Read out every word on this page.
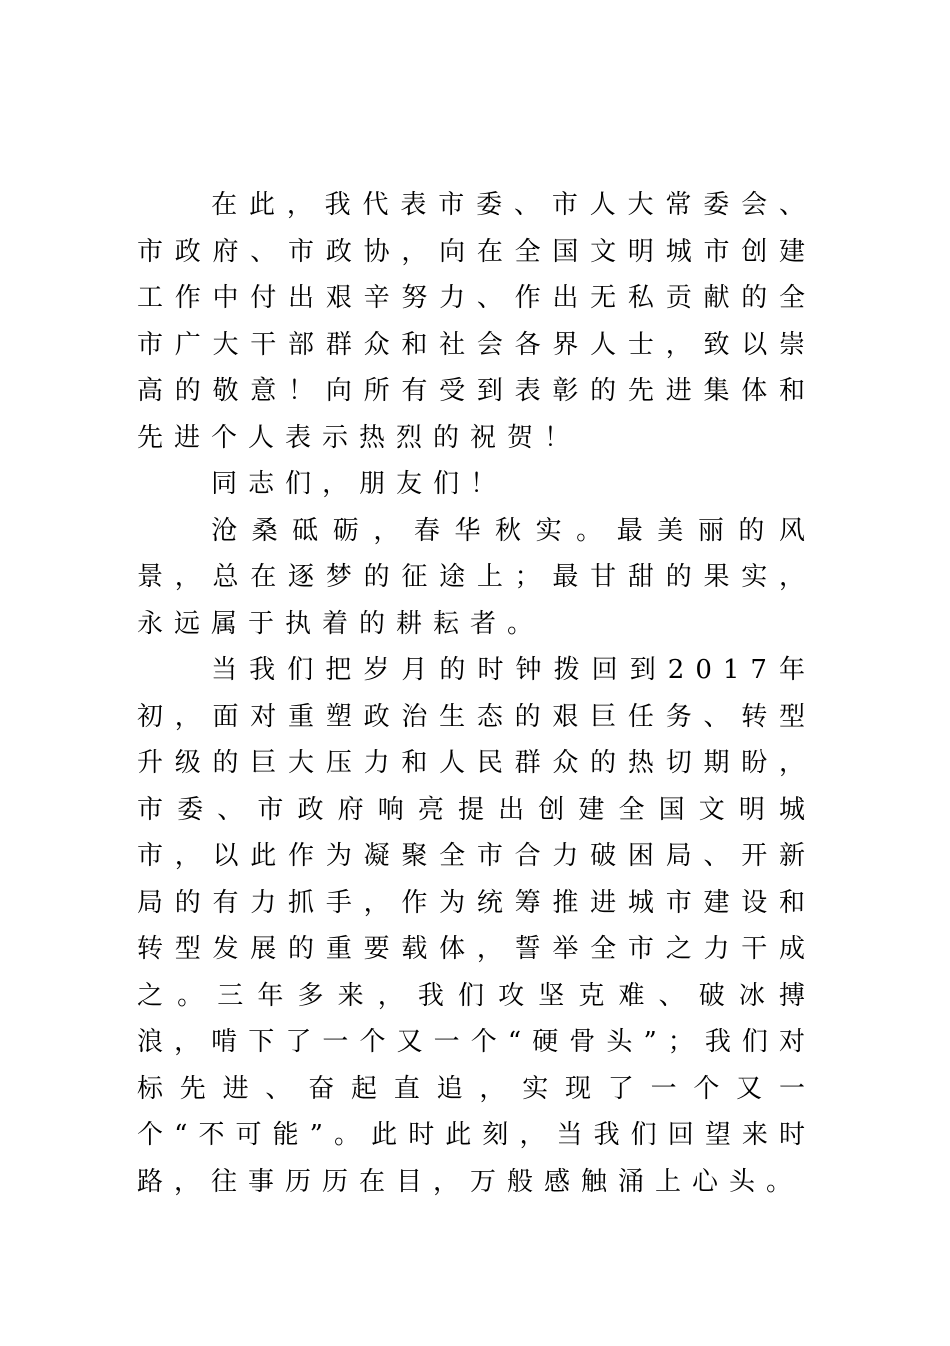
在此，我代表市委、市人大常委会、市政府、市政协，向在全国文明城市创建工作中付出艰辛努力、作出无私贡献的全市广大干部群众和社会各界人士，致以崇高的敬意！向所有受到表彰的先进集体和先进个人表示热烈的祝贺！

同志们，朋友们！

沧桑砥砺，春华秋实。最美丽的风景，总在逐梦的征途上；最甘甜的果实，永远属于执着的耕耘者。

当我们把岁月的时钟拨回到2017年初，面对重塑政治生态的艰巨任务、转型升级的巨大压力和人民群众的热切期盼，市委、市政府响亮提出创建全国文明城市，以此作为凝聚全市合力破困局、开新局的有力抓手，作为统筹推进城市建设和转型发展的重要载体，誓举全市之力干成之。三年多来，我们攻坚克难、破冰搏浪，啃下了一个又一个“硬骨头”；我们对标先进、奋起直追，实现了一个又一个“不可能”。此时此刻，当我们回望来时路，往事历历在目，万般感触涌上心头。
